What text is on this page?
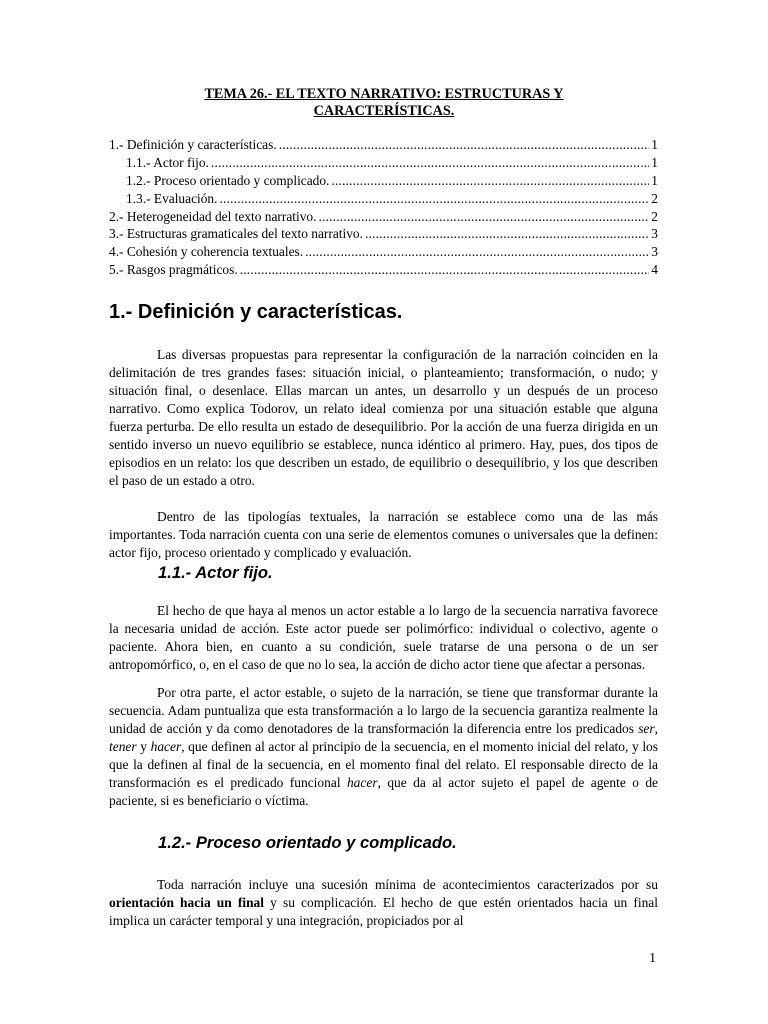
TEMA 26.- EL TEXTO NARRATIVO: ESTRUCTURAS Y
CARACTERÍSTICAS.
1.- Definición y características. .....	1
1.1.- Actor fijo. .....	1
1.2.- Proceso orientado y complicado. .....	1
1.3.- Evaluación. .....	2
2.- Heterogeneidad del texto narrativo. .....	2
3.- Estructuras gramaticales del texto narrativo. .....	3
4.- Cohesión y coherencia textuales. .....	3
5.- Rasgos pragmáticos. .....	4
1.- Definición y características.

Las diversas propuestas para representar la configuración de la narración coinciden en la delimitación de tres grandes fases: situación inicial, o planteamiento; transformación, o nudo; y situación final, o desenlace. Ellas marcan un antes, un desarrollo y un después de un proceso narrativo. Como explica Todorov, un relato ideal comienza por una situación estable que alguna fuerza perturba. De ello resulta un estado de desequilibrio. Por la acción de una fuerza dirigida en un sentido inverso un nuevo equilibrio se establece, nunca idéntico al primero. Hay, pues, dos tipos de episodios en un relato: los que describen un estado, de equilibrio o desequilibrio, y los que describen el paso de un estado a otro.

Dentro de las tipologías textuales, la narración se establece como una de las más importantes. Toda narración cuenta con una serie de elementos comunes o universales que la definen: actor fijo, proceso orientado y complicado y evaluación.

1.1.- Actor fijo.

El hecho de que haya al menos un actor estable a lo largo de la secuencia narrativa favorece la necesaria unidad de acción. Este actor puede ser polimórfico: individual o colectivo, agente o paciente. Ahora bien, en cuanto a su condición, suele tratarse de una persona o de un ser antropomórfico, o, en el caso de que no lo sea, la acción de dicho actor tiene que afectar a personas.

Por otra parte, el actor estable, o sujeto de la narración, se tiene que transformar durante la secuencia. Adam puntualiza que esta transformación a lo largo de la secuencia garantiza realmente la unidad de acción y da como denotadores de la transformación la diferencia entre los predicados ser, tener y hacer, que definen al actor al principio de la secuencia, en el momento inicial del relato, y los que la definen al final de la secuencia, en el momento final del relato. El responsable directo de la transformación es el predicado funcional hacer, que da al actor sujeto el papel de agente o de paciente, si es beneficiario o víctima.

1.2.- Proceso orientado y complicado.

Toda narración incluye una sucesión mínima de acontecimientos caracterizados por su orientación hacia un final y su complicación. El hecho de que estén orientados hacia un final implica un carácter temporal y una integración, propiciados por al

1
